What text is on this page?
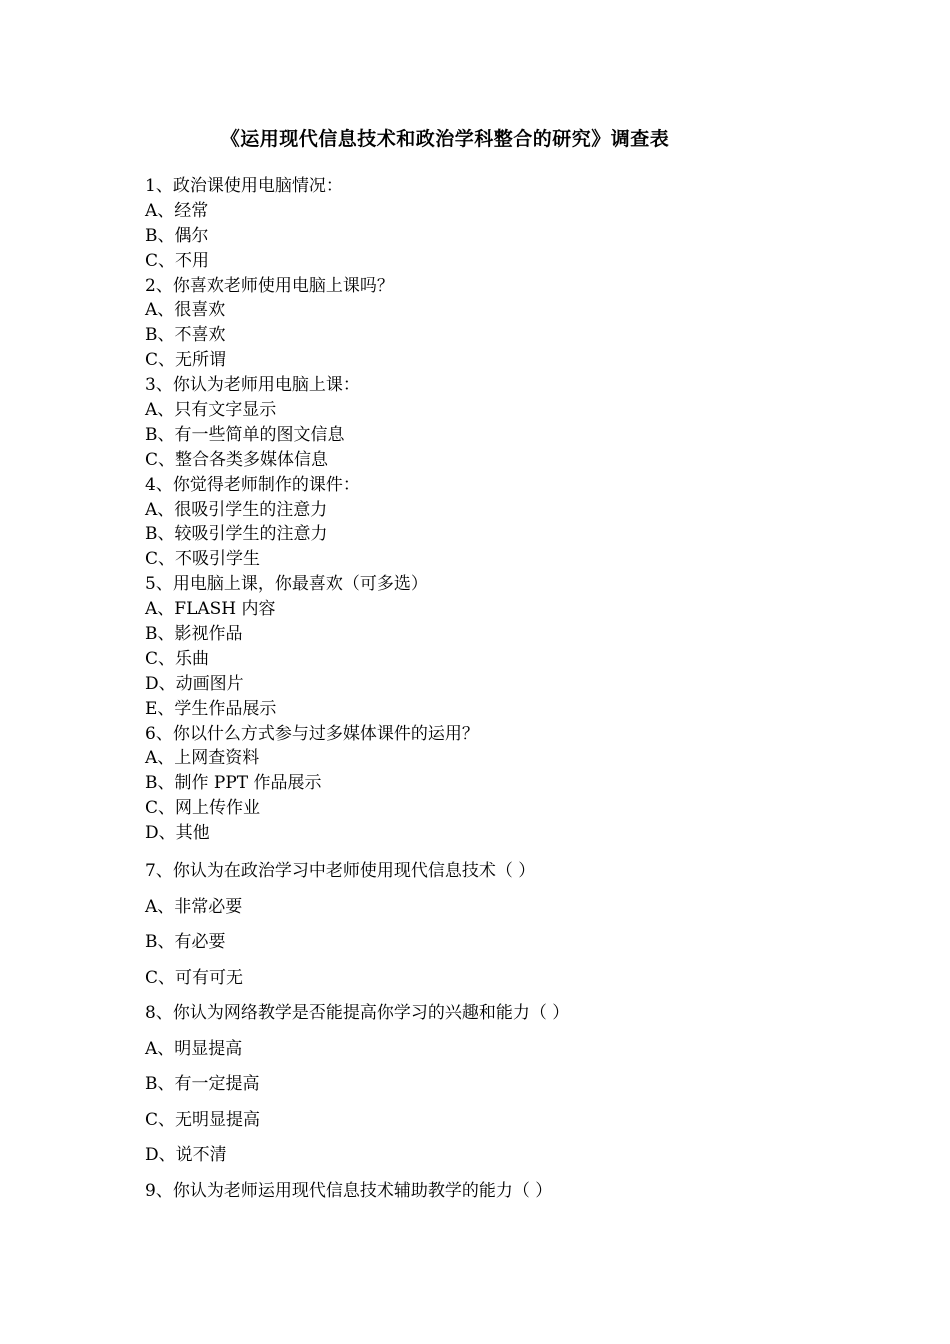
《运用现代信息技术和政治学科整合的研究》调查表
1、政治课使用电脑情况：
A、经常
B、偶尔
C、不用
2、你喜欢老师使用电脑上课吗？
A、很喜欢
B、不喜欢
C、无所谓
3、你认为老师用电脑上课：
A、只有文字显示
B、有一些简单的图文信息
C、整合各类多媒体信息
4、你觉得老师制作的课件：
A、很吸引学生的注意力
B、较吸引学生的注意力
C、不吸引学生
5、用电脑上课，你最喜欢（可多选）
A、FLASH 内容
B、影视作品
C、乐曲
D、动画图片
E、学生作品展示
6、你以什么方式参与过多媒体课件的运用？
A、上网查资料
B、制作 PPT 作品展示
C、网上传作业
D、其他
7、你认为在政治学习中老师使用现代信息技术（ ）
A、非常必要
B、有必要
C、可有可无
8、你认为网络教学是否能提高你学习的兴趣和能力（ ）
A、明显提高
B、有一定提高
C、无明显提高
D、说不清
9、你认为老师运用现代信息技术辅助教学的能力（ ）
